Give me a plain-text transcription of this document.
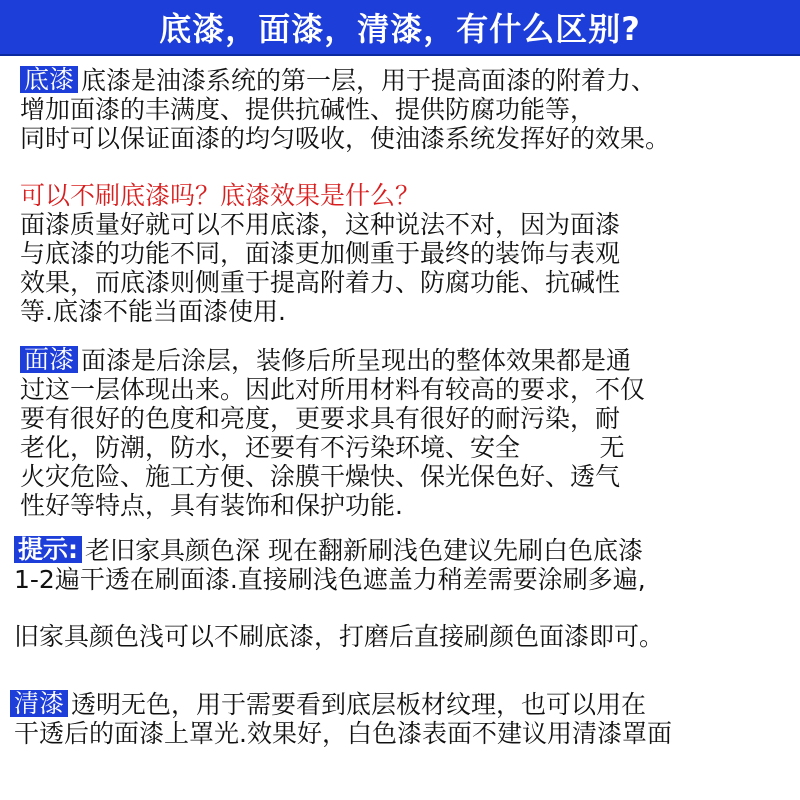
底漆，面漆，清漆，有什么区别?
底漆 底漆是油漆系统的第一层，用于提高面漆的附着力、
增加面漆的丰满度、提供抗碱性、提供防腐功能等，
同时可以保证面漆的均匀吸收，使油漆系统发挥好的效果。
可以不刷底漆吗？底漆效果是什么？
面漆质量好就可以不用底漆，这种说法不对，因为面漆
与底漆的功能不同，面漆更加侧重于最终的装饰与表观
效果，而底漆则侧重于提高附着力、防腐功能、抗碱性
等.底漆不能当面漆使用.
面漆 面漆是后涂层，装修后所呈现出的整体效果都是通
过这一层体现出来。因此对所用材料有较高的要求，不仅
要有很好的色度和亮度，更要求具有很好的耐污染，耐
老化，防潮，防水，还要有不污染环境、安全          无
火灾危险、施工方便、涂膜干燥快、保光保色好、透气
性好等特点，具有装饰和保护功能.
提示: 老旧家具颜色深 现在翻新刷浅色建议先刷白色底漆
1-2遍干透在刷面漆.直接刷浅色遮盖力稍差需要涂刷多遍,
旧家具颜色浅可以不刷底漆，打磨后直接刷颜色面漆即可。
清漆 透明无色，用于需要看到底层板材纹理，也可以用在
干透后的面漆上罩光.效果好，白色漆表面不建议用清漆罩面
